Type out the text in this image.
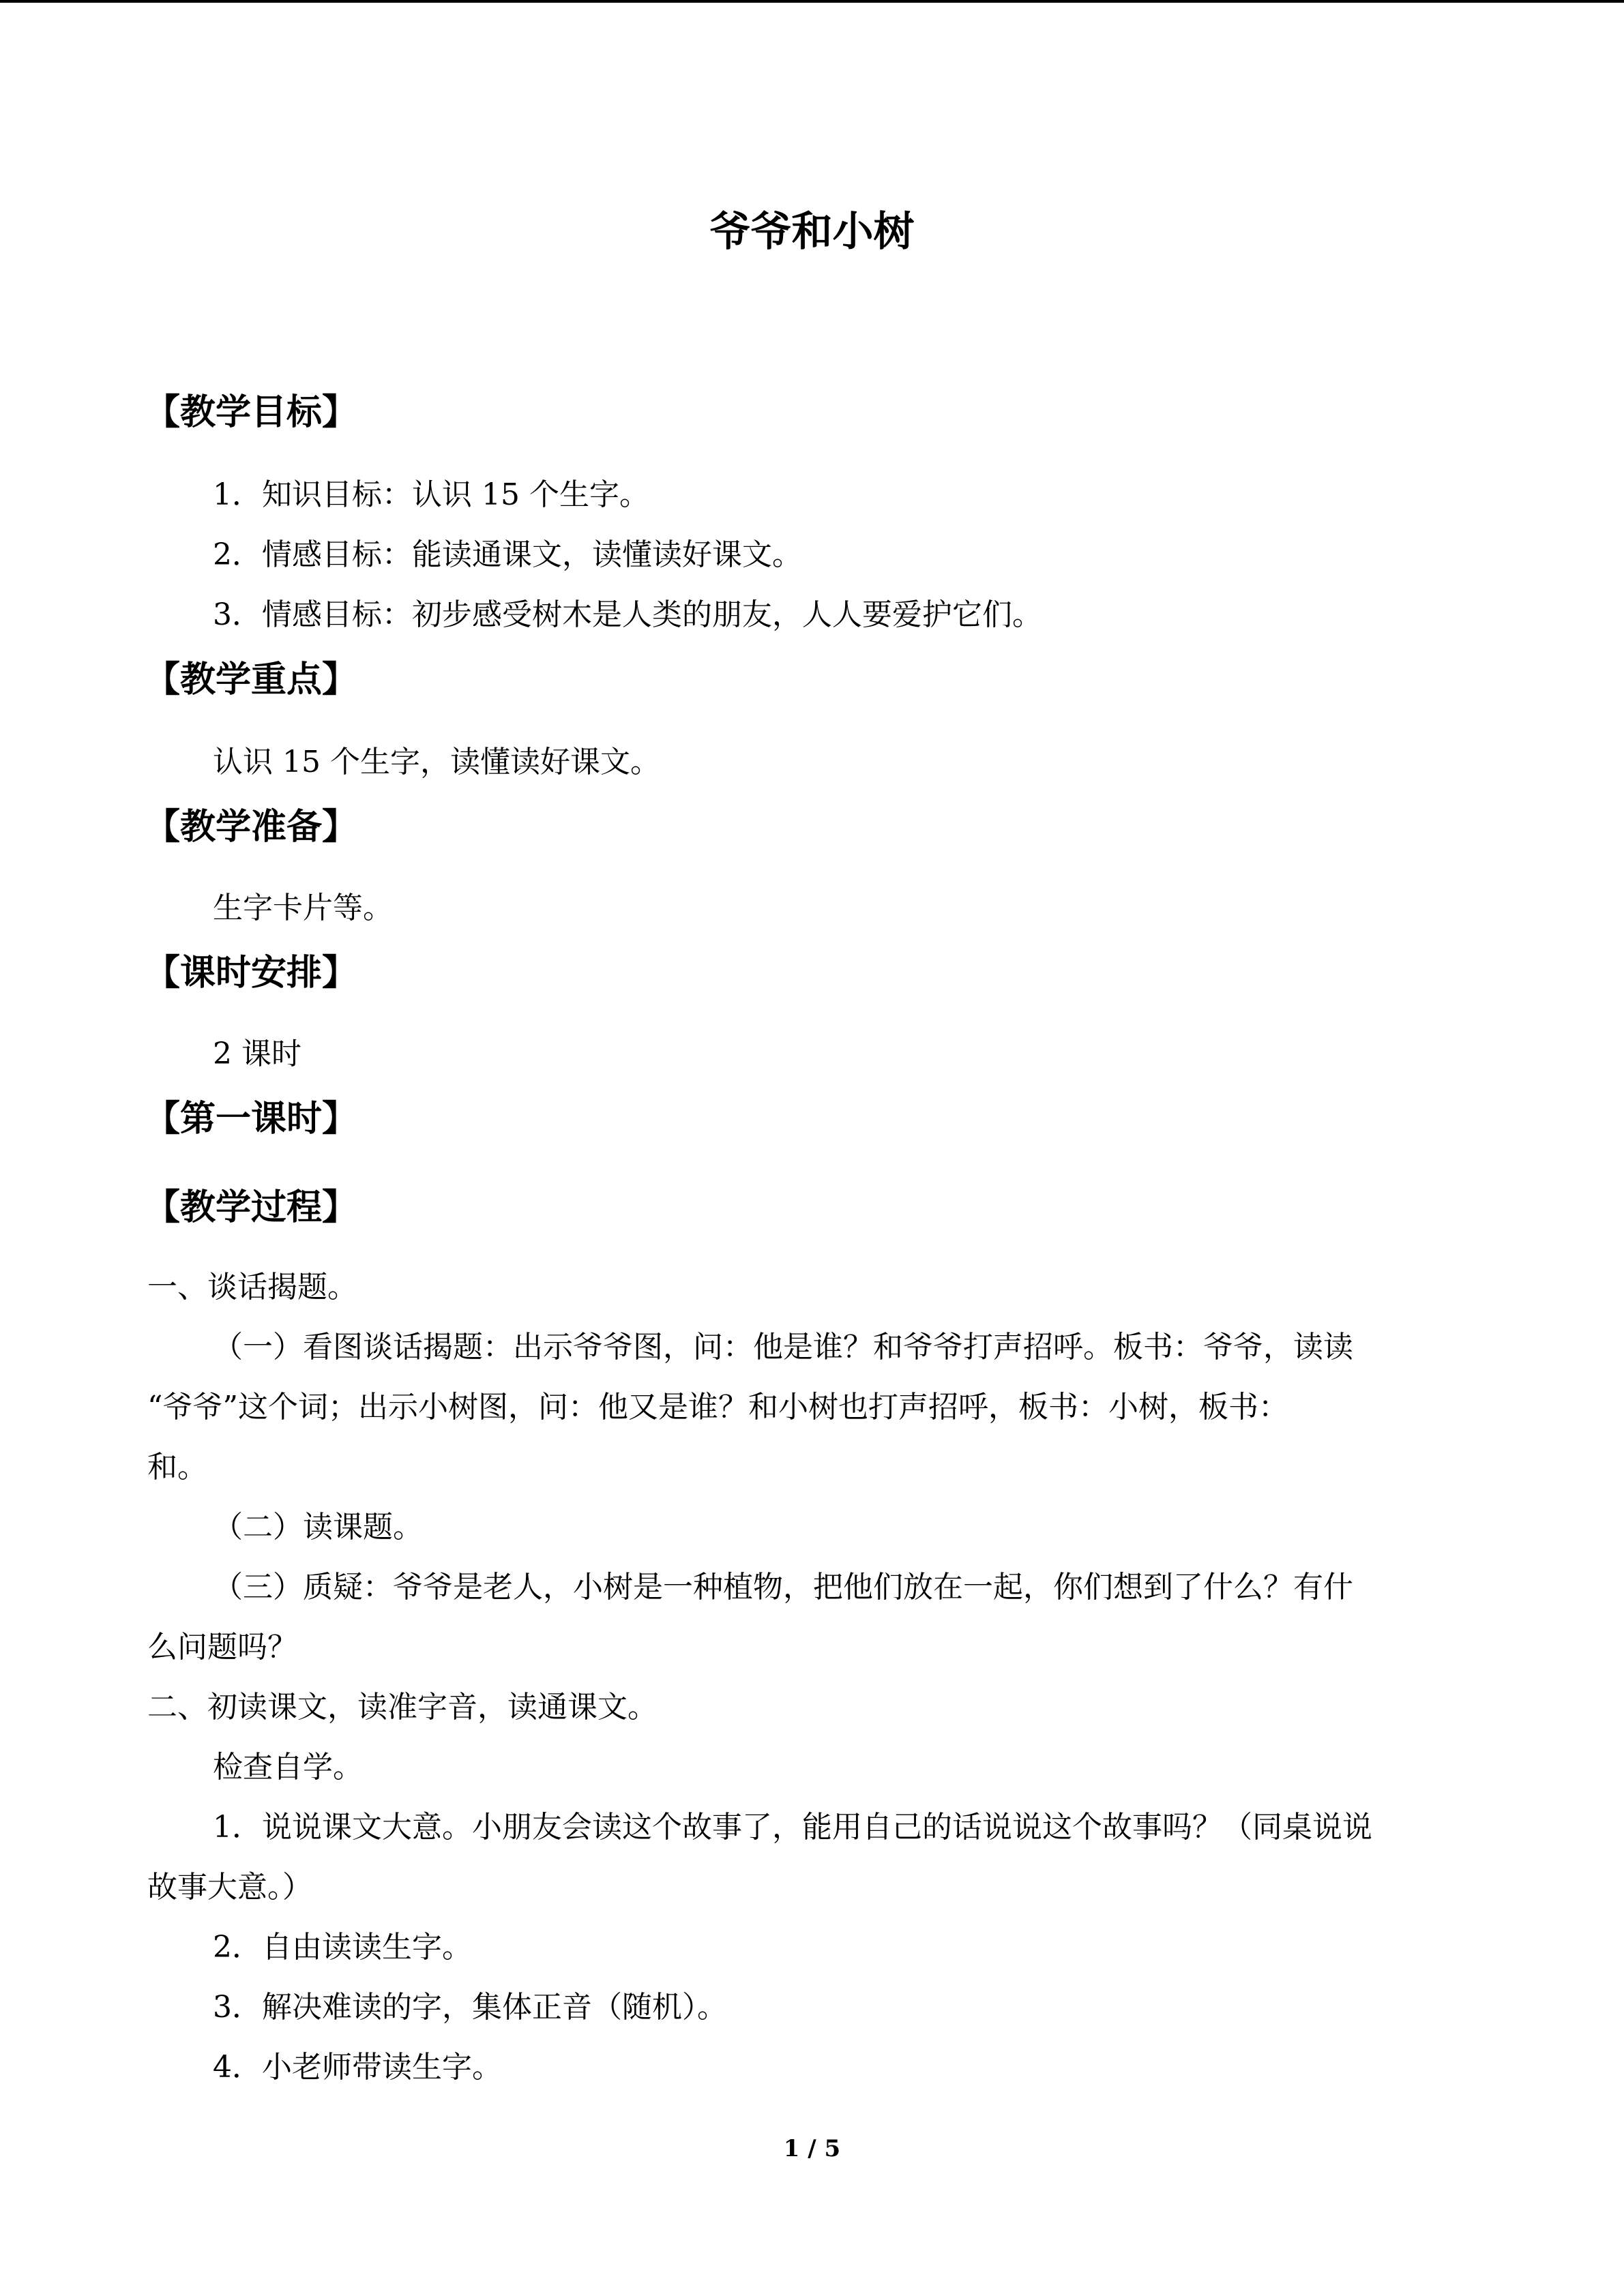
爷爷和小树
【教学目标】
1．知识目标：认识 15 个生字。
2．情感目标：能读通课文，读懂读好课文。
3．情感目标：初步感受树木是人类的朋友，人人要爱护它们。
【教学重点】
认识 15 个生字，读懂读好课文。
【教学准备】
生字卡片等。
【课时安排】
2 课时
【第一课时】
【教学过程】
一、谈话揭题。
（一）看图谈话揭题：出示爷爷图，问：他是谁？和爷爷打声招呼。板书：爷爷，读读
“爷爷”这个词；出示小树图，问：他又是谁？和小树也打声招呼，板书：小树，板书：
和。
（二）读课题。
（三）质疑：爷爷是老人，小树是一种植物，把他们放在一起，你们想到了什么？有什
么问题吗？
二、初读课文，读准字音，读通课文。
检查自学。
1．说说课文大意。小朋友会读这个故事了，能用自己的话说说这个故事吗？（同桌说说
故事大意。）
2．自由读读生字。
3．解决难读的字，集体正音（随机）。
4．小老师带读生字。
1 / 5
